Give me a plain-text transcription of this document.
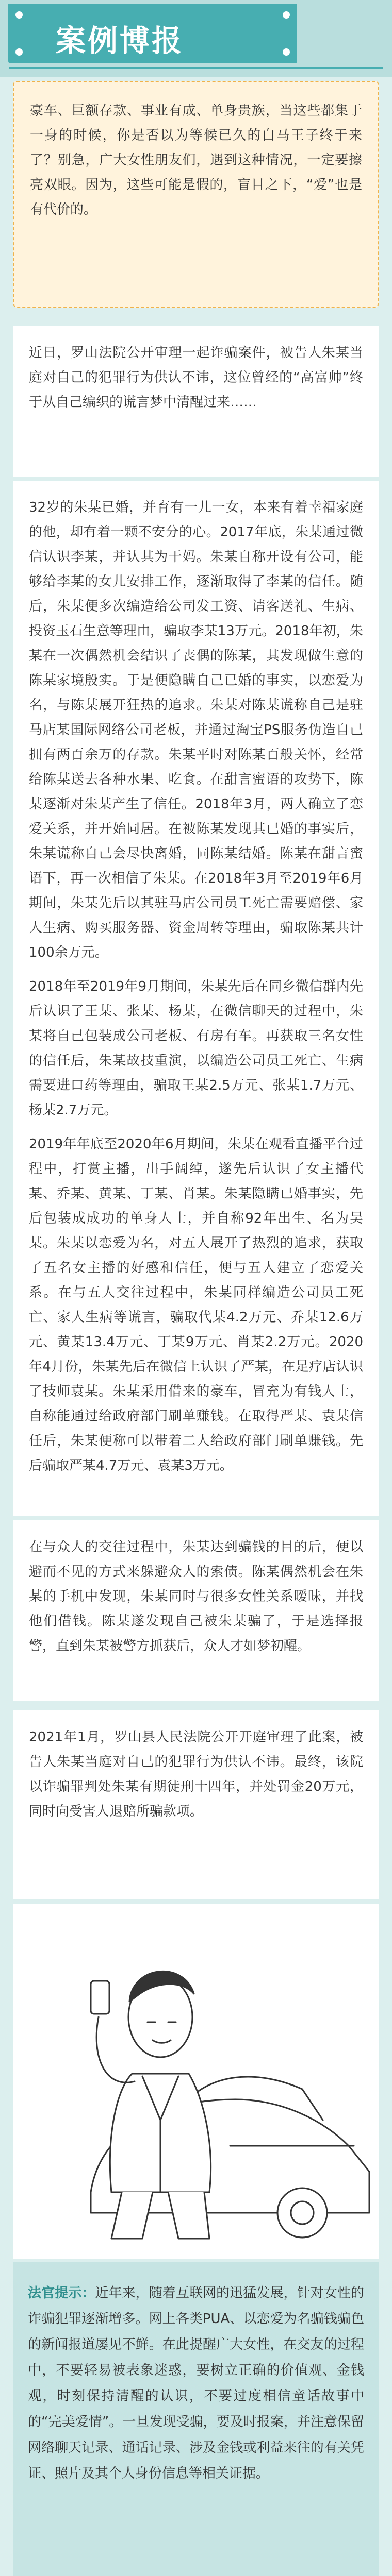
案例博报

豪车、巨额存款、事业有成、单身贵族，当这些都集于一身的时候，你是否以为等候已久的白马王子终于来了？别急，广大女性朋友们，遇到这种情况，一定要擦亮双眼。因为，这些可能是假的，盲目之下，“爱”也是有代价的。

近日，罗山法院公开审理一起诈骗案件，被告人朱某当庭对自己的犯罪行为供认不讳，这位曾经的“高富帅”终于从自己编织的谎言梦中清醒过来……

32岁的朱某已婚，并育有一儿一女，本来有着幸福家庭的他，却有着一颗不安分的心。2017年底，朱某通过微信认识李某，并认其为干妈。朱某自称开设有公司，能够给李某的女儿安排工作，逐渐取得了李某的信任。随后，朱某便多次编造给公司发工资、请客送礼、生病、投资玉石生意等理由，骗取李某13万元。2018年初，朱某在一次偶然机会结识了丧偶的陈某，其发现做生意的陈某家境殷实。于是便隐瞒自己已婚的事实，以恋爱为名，与陈某展开狂热的追求。朱某对陈某谎称自己是驻马店某国际网络公司老板，并通过淘宝PS服务伪造自己拥有两百余万的存款。朱某平时对陈某百般关怀，经常给陈某送去各种水果、吃食。在甜言蜜语的攻势下，陈某逐渐对朱某产生了信任。2018年3月，两人确立了恋爱关系，并开始同居。在被陈某发现其已婚的事实后，朱某谎称自己会尽快离婚，同陈某结婚。陈某在甜言蜜语下，再一次相信了朱某。在2018年3月至2019年6月期间，朱某先后以其驻马店公司员工死亡需要赔偿、家人生病、购买服务器、资金周转等理由，骗取陈某共计100余万元。

2018年至2019年9月期间，朱某先后在同乡微信群内先后认识了王某、张某、杨某，在微信聊天的过程中，朱某将自己包装成公司老板、有房有车。再获取三名女性的信任后，朱某故技重演，以编造公司员工死亡、生病需要进口药等理由，骗取王某2.5万元、张某1.7万元、杨某2.7万元。

2019年年底至2020年6月期间，朱某在观看直播平台过程中，打赏主播，出手阔绰，遂先后认识了女主播代某、乔某、黄某、丁某、肖某。朱某隐瞒已婚事实，先后包装成成功的单身人士，并自称92年出生、名为吴某。朱某以恋爱为名，对五人展开了热烈的追求，获取了五名女主播的好感和信任，便与五人建立了恋爱关系。在与五人交往过程中，朱某同样编造公司员工死亡、家人生病等谎言，骗取代某4.2万元、乔某12.6万元、黄某13.4万元、丁某9万元、肖某2.2万元。2020年4月份，朱某先后在微信上认识了严某，在足疗店认识了技师袁某。朱某采用借来的豪车，冒充为有钱人士，自称能通过给政府部门刷单赚钱。在取得严某、袁某信任后，朱某便称可以带着二人给政府部门刷单赚钱。先后骗取严某4.7万元、袁某3万元。

在与众人的交往过程中，朱某达到骗钱的目的后，便以避而不见的方式来躲避众人的索债。陈某偶然机会在朱某的手机中发现，朱某同时与很多女性关系暧昧，并找他们借钱。陈某遂发现自己被朱某骗了，于是选择报警，直到朱某被警方抓获后，众人才如梦初醒。

2021年1月，罗山县人民法院公开开庭审理了此案，被告人朱某当庭对自己的犯罪行为供认不讳。最终，该院以诈骗罪判处朱某有期徒刑十四年，并处罚金20万元，同时向受害人退赔所骗款项。

法官提示：近年来，随着互联网的迅猛发展，针对女性的诈骗犯罪逐渐增多。网上各类PUA、以恋爱为名骗钱骗色的新闻报道屡见不鲜。在此提醒广大女性，在交友的过程中，不要轻易被表象迷惑，要树立正确的价值观、金钱观，时刻保持清醒的认识，不要过度相信童话故事中的“完美爱情”。一旦发现受骗，要及时报案，并注意保留网络聊天记录、通话记录、涉及金钱或利益来往的有关凭证、照片及其个人身份信息等相关证据。
